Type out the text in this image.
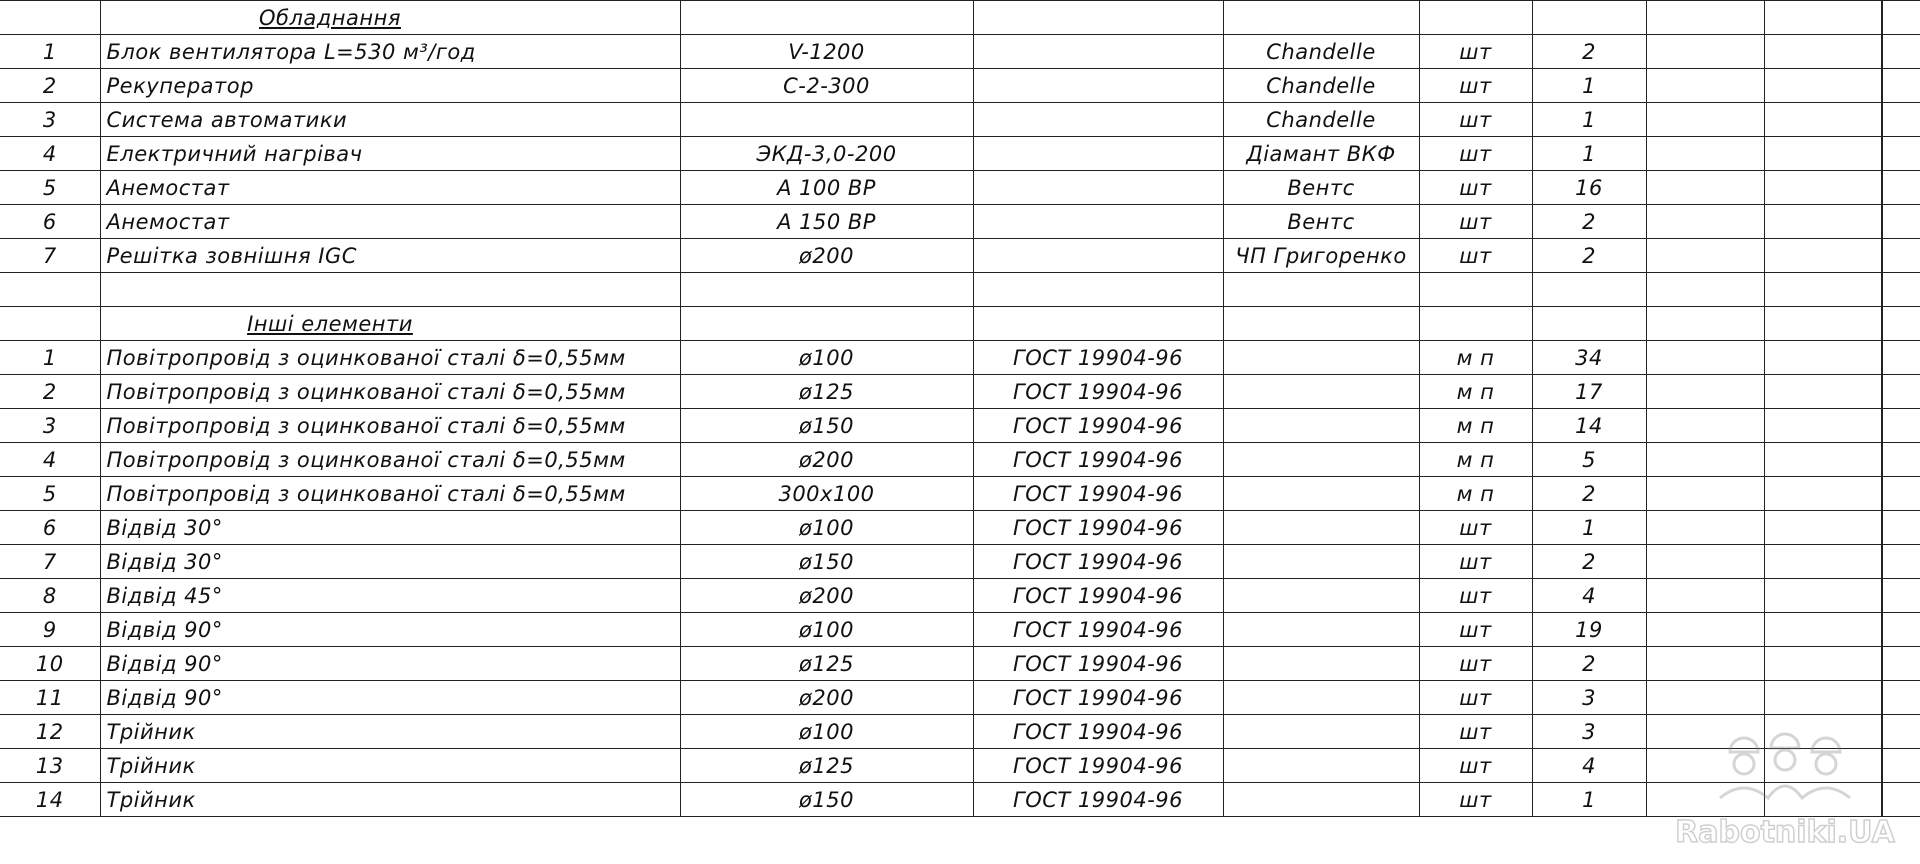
	Обладнання								

1	Блок вентилятора L=530 м³/год	V-1200		Chandelle	шт	2			
2	Рекуператор	C-2-300		Chandelle	шт	1			
3	Система автоматики			Chandelle	шт	1			
4	Електричний нагрівач	ЭКД-3,0-200		Діамант ВКФ	шт	1			
5	Анемостат	А 100 ВР		Вентс	шт	16			
6	Анемостат	А 150 ВР		Вентс	шт	2			
7	Решітка зовнішня IGC	ø200		ЧП Григоренко	шт	2			

	Інші елементи								

1	Повітропровід з оцинкованої сталі δ=0,55мм	ø100	ГОСТ 19904-96		м п	34			
2	Повітропровід з оцинкованої сталі δ=0,55мм	ø125	ГОСТ 19904-96		м п	17			
3	Повітропровід з оцинкованої сталі δ=0,55мм	ø150	ГОСТ 19904-96		м п	14			
4	Повітропровід з оцинкованої сталі δ=0,55мм	ø200	ГОСТ 19904-96		м п	5			
5	Повітропровід з оцинкованої сталі δ=0,55мм	300x100	ГОСТ 19904-96		м п	2			
6	Відвід 30°	ø100	ГОСТ 19904-96		шт	1			
7	Відвід 30°	ø150	ГОСТ 19904-96		шт	2			
8	Відвід 45°	ø200	ГОСТ 19904-96		шт	4			
9	Відвід 90°	ø100	ГОСТ 19904-96		шт	19			
10	Відвід 90°	ø125	ГОСТ 19904-96		шт	2			
11	Відвід 90°	ø200	ГОСТ 19904-96		шт	3			
12	Трійник	ø100	ГОСТ 19904-96		шт	3			
13	Трійник	ø125	ГОСТ 19904-96		шт	4			
14	Трійник	ø150	ГОСТ 19904-96		шт	1			
Rabotniki.UA
